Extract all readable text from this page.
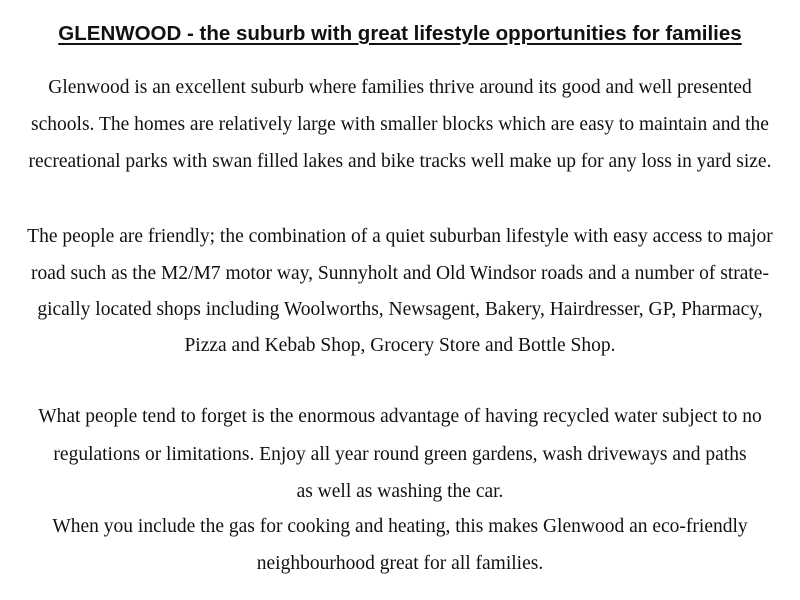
GLENWOOD - the suburb with great lifestyle opportunities for families
Glenwood is an excellent suburb where families thrive around its good and well presented
schools. The homes are relatively large with smaller blocks which are easy to maintain and the
recreational parks with swan filled lakes and bike tracks well make up for any loss in yard size.
The people are friendly; the combination of a quiet suburban lifestyle with easy access to major
road such as the M2/M7 motor way, Sunnyholt and Old Windsor roads and a number of strate-
gically located shops including Woolworths, Newsagent, Bakery, Hairdresser, GP, Pharmacy,
Pizza and Kebab Shop, Grocery Store and Bottle Shop.
What people tend to forget is the enormous advantage of having recycled water subject to no
regulations or limitations. Enjoy all year round green gardens, wash driveways and paths
as well as washing the car.
When you include the gas for cooking and heating, this makes Glenwood an eco-friendly
neighbourhood great for all families.
